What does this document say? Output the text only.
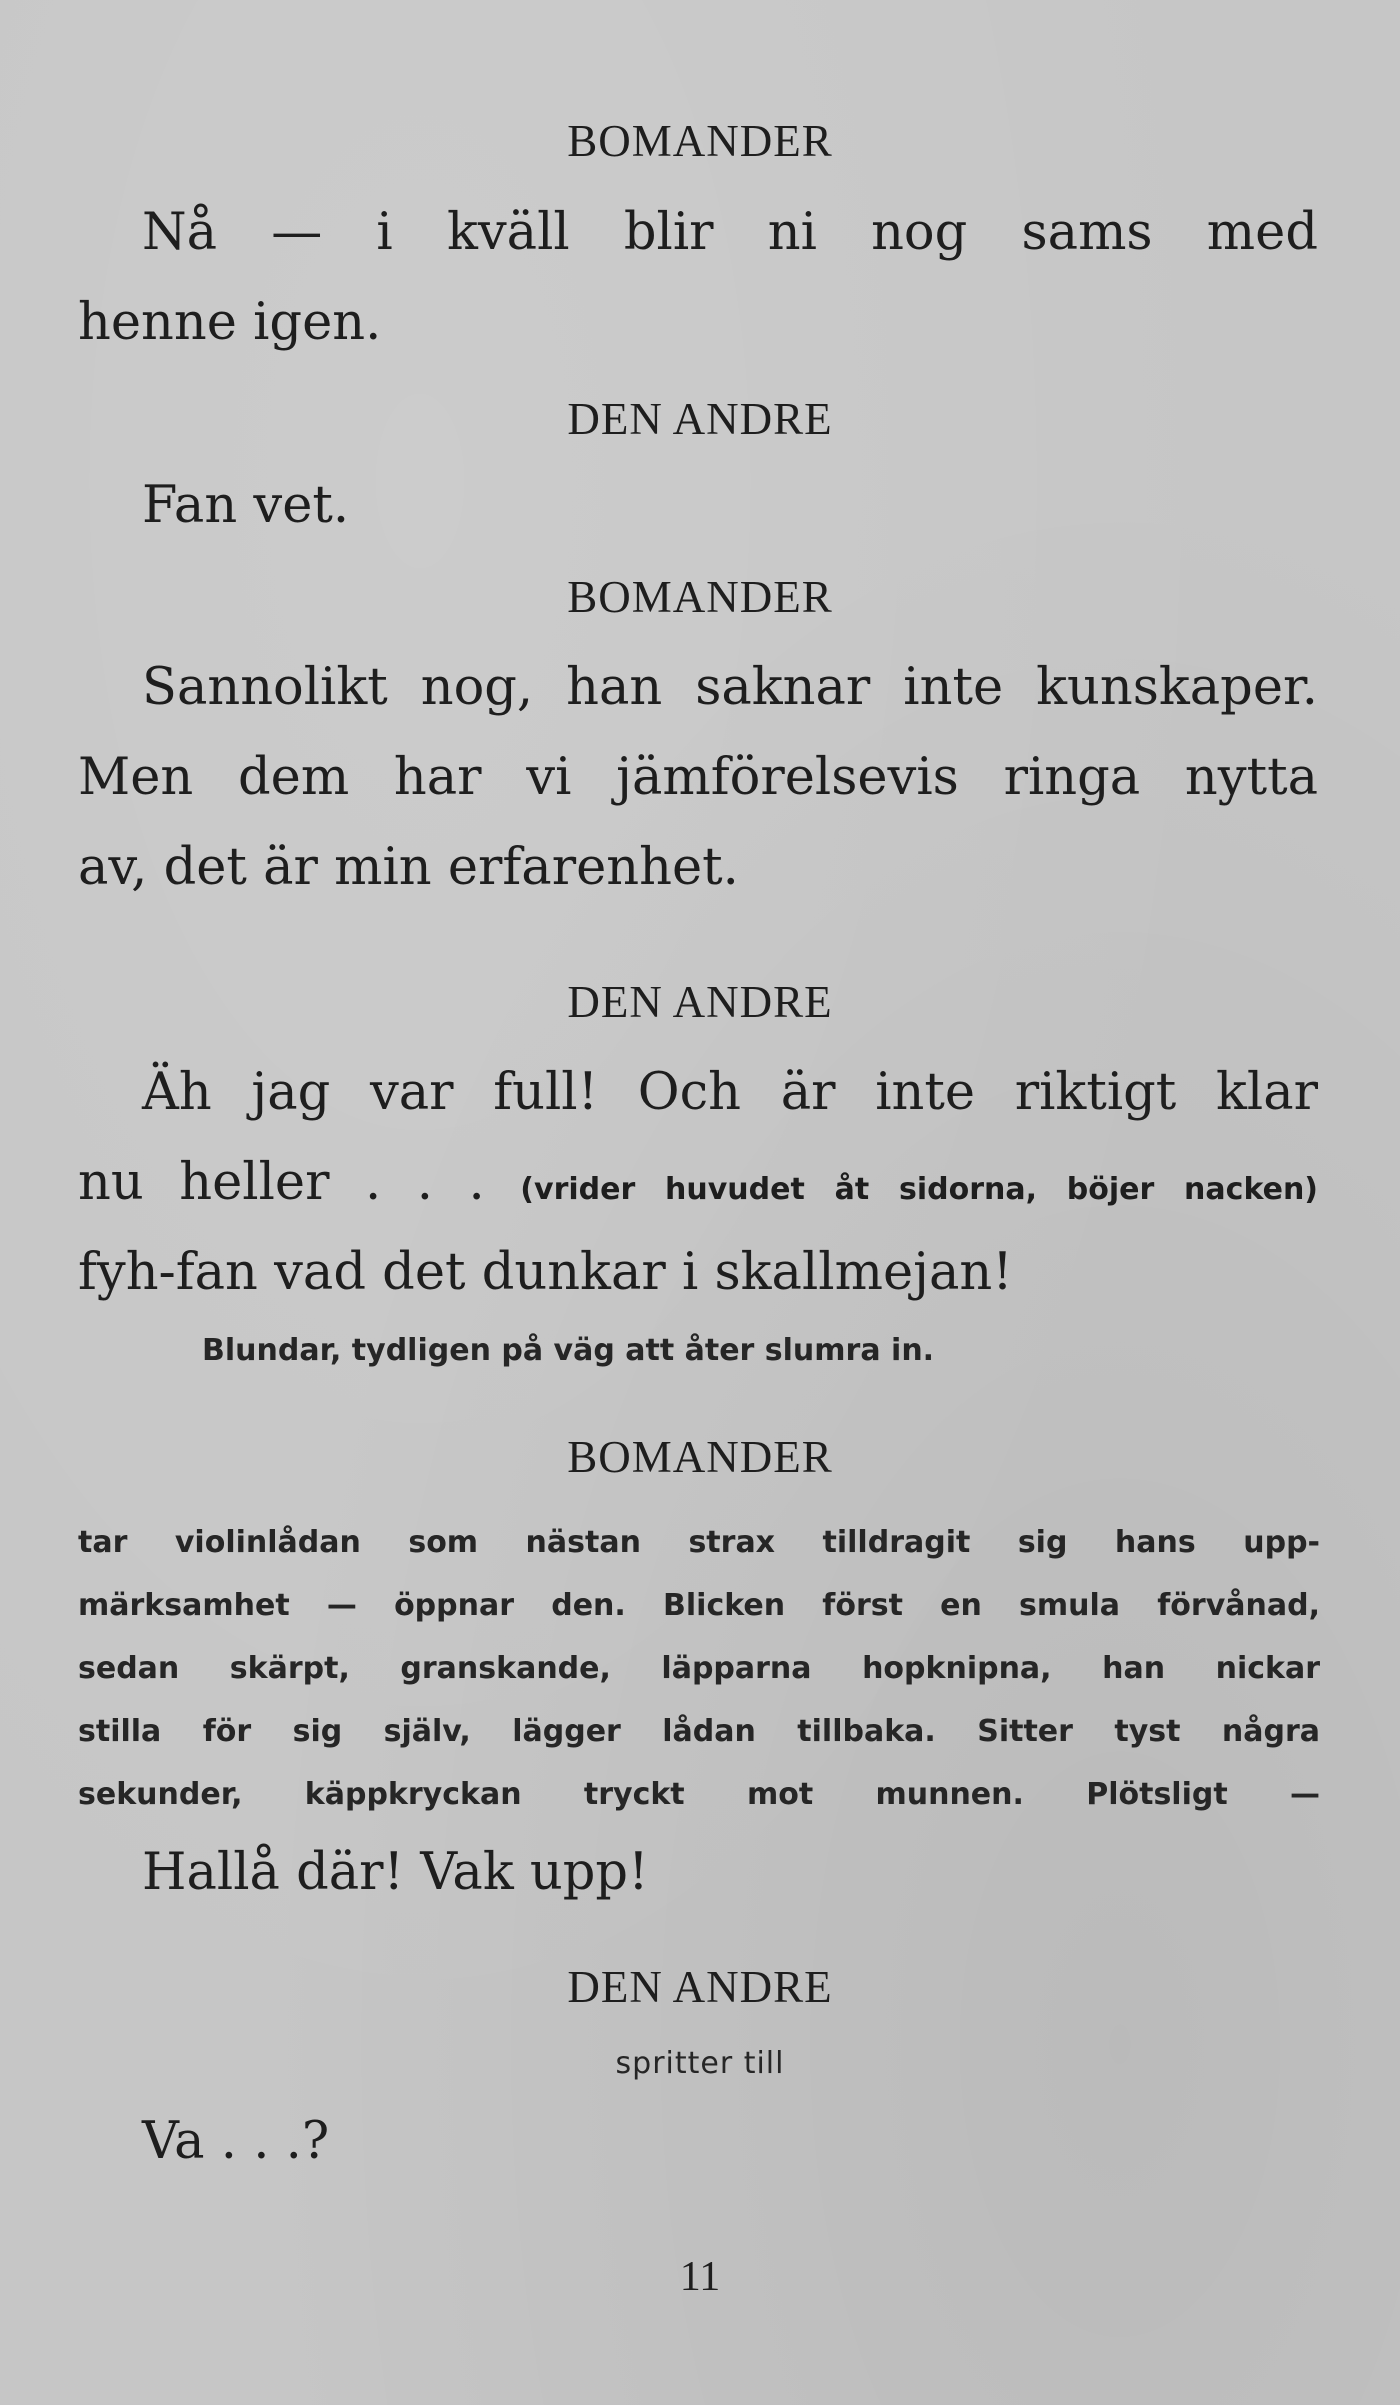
BOMANDER
Nå — i kväll blir ni nog sams med
henne igen.
DEN ANDRE
Fan vet.
BOMANDER
Sannolikt nog, han saknar inte kunskaper.
Men dem har vi jämförelsevis ringa nytta
av, det är min erfarenhet.
DEN ANDRE
Äh jag var full! Och är inte riktigt klar
nu heller . . . (vrider huvudet åt sidorna, böjer nacken)
fyh-fan vad det dunkar i skallmejan!
Blundar, tydligen på väg att åter slumra in.
BOMANDER
tar violinlådan som nästan strax tilldragit sig hans upp-
märksamhet — öppnar den. Blicken först en smula förvånad,
sedan skärpt, granskande, läpparna hopknipna, han nickar
stilla för sig själv, lägger lådan tillbaka. Sitter tyst några
sekunder, käppkryckan tryckt mot munnen. Plötsligt —
Hallå där! Vak upp!
DEN ANDRE
spritter till
Va . . .?
11
